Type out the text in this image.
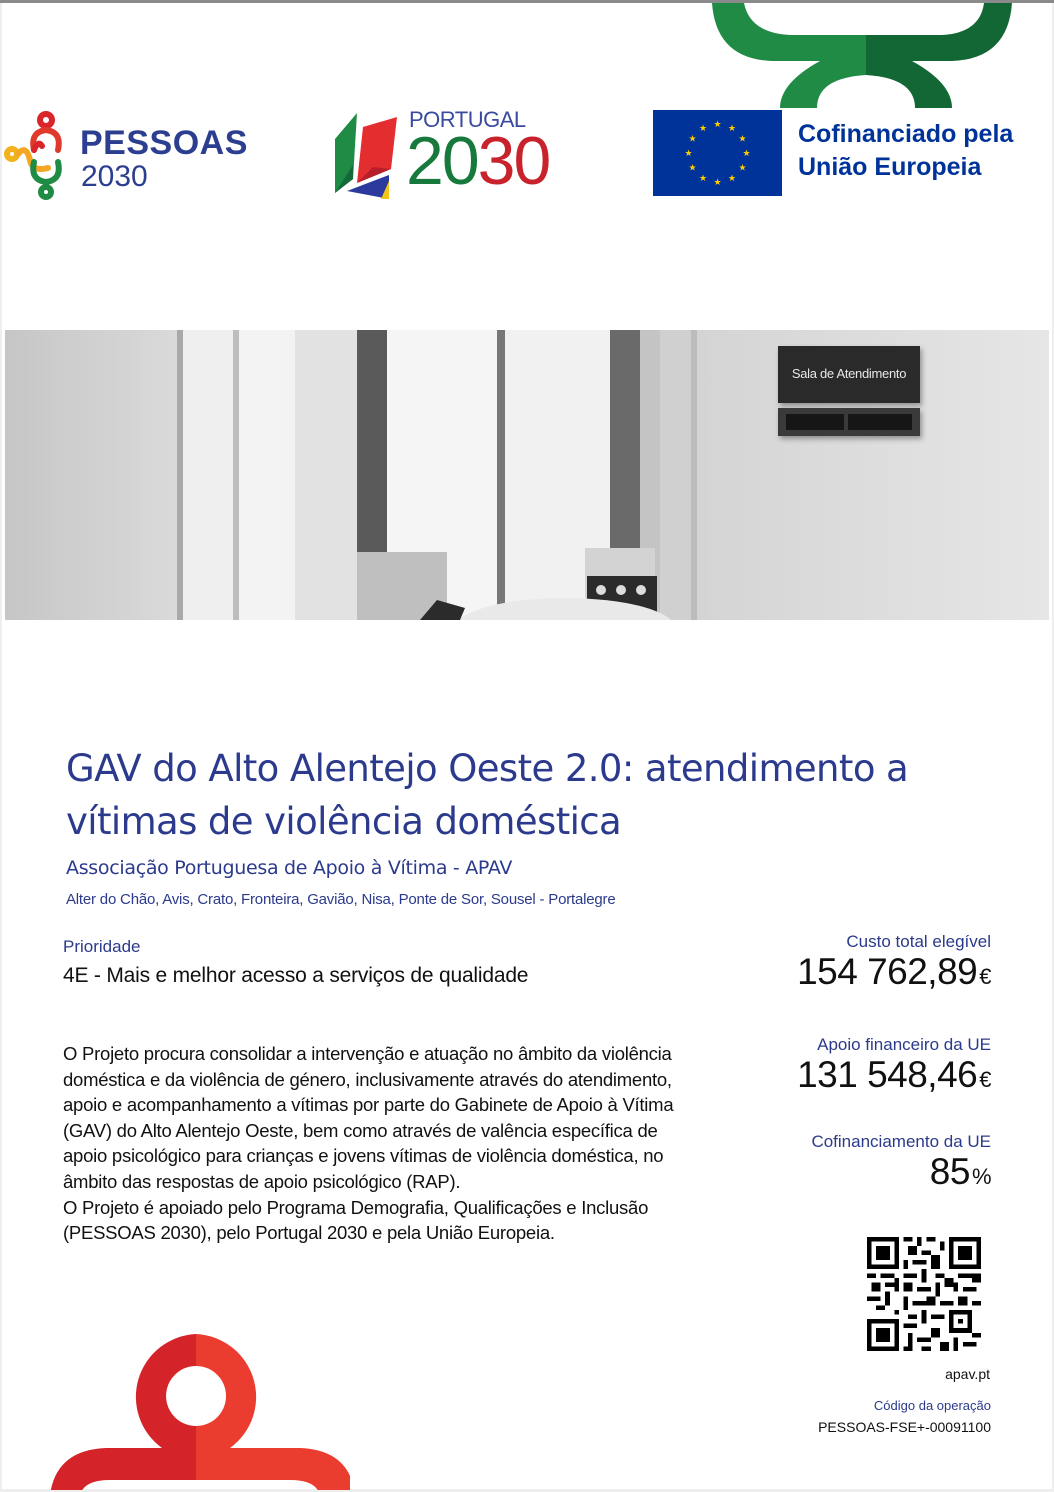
PESSOAS
2030
PORTUGAL
2030	★ ★
★
★
★
★
★
★
★
★
★
★	Cofinanciado pela
União Europeia
Sala de Atendimento
GAV do Alto Alentejo Oeste 2.0: atendimento a vítimas de violência doméstica
Associação Portuguesa de Apoio à Vítima - APAV
Alter do Chão, Avis, Crato, Fronteira, Gavião, Nisa, Ponte de Sor, Sousel - Portalegre
Prioridade
4E - Mais e melhor acesso a serviços de qualidade

O Projeto procura consolidar a intervenção e atuação no âmbito da violência doméstica e da violência de género, inclusivamente através do atendimento, apoio e acompanhamento a vítimas por parte do Gabinete de Apoio à Vítima (GAV) do Alto Alentejo Oeste, bem como através de valência específica de apoio psicológico para crianças e jovens vítimas de violência doméstica, no âmbito das respostas de apoio psicológico (RAP).

O Projeto é apoiado pelo Programa Demografia, Qualificações e Inclusão (PESSOAS 2030), pelo Portugal 2030 e pela União Europeia.

Custo total elegível
154 762,89€
Apoio financeiro da UE
131 548,46€
Cofinanciamento da UE
85%
apav.pt
Código da operação
PESSOAS-FSE+-00091100
